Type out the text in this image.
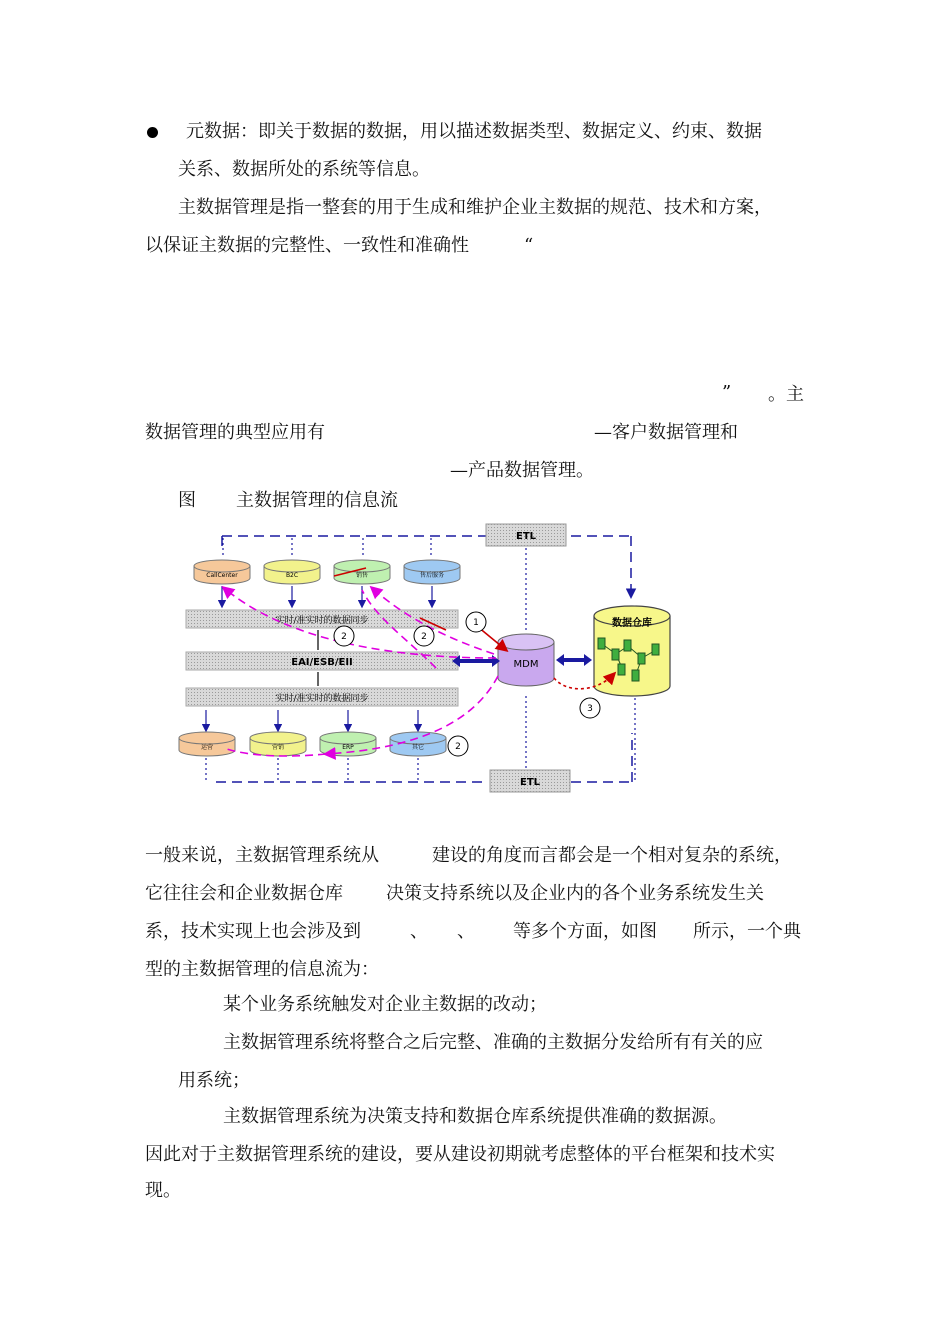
元数据：即关于数据的数据，用以描述数据类型、数据定义、约束、数据
关系、数据所处的系统等信息。
主数据管理是指一整套的用于生成和维护企业主数据的规范、技术和方案，
以保证主数据的完整性、一致性和准确性	“
” 。主
数据管理的典型应用有	—客户数据管理和
—产品数据管理。
图 主数据管理的信息流
ETL
ETL
CallCenter	B2C	销售	售后服务
实时/准实时的数据同步
EAI/ESB/EII
实时/准实时的数据同步
运营	营销	ERP	其它
MDM
数据仓库
1
2	2
2
3
一般来说，主数据管理系统从	建设的角度而言都会是一个相对复杂的系统，
它往往会和企业数据仓库 决策支持系统以及企业内的各个业务系统发生关
系，技术实现上也会涉及到	、 、 等多个方面，如图 所示，一个典
型的主数据管理的信息流为：
某个业务系统触发对企业主数据的改动；
主数据管理系统将整合之后完整、准确的主数据分发给所有有关的应
用系统；
主数据管理系统为决策支持和数据仓库系统提供准确的数据源。
因此对于主数据管理系统的建设，要从建设初期就考虑整体的平台框架和技术实
现。
